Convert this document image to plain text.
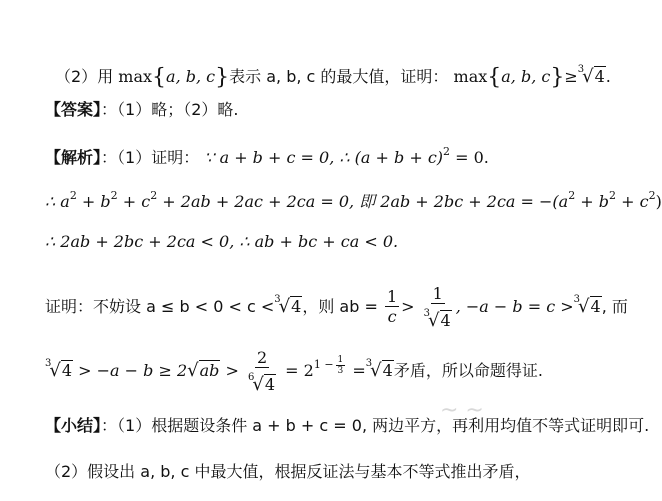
（2）用 max{a, b, c}表示 a, b, c 的最大值，证明： max{a, b, c}≥$^3$√4.
【答案】：（1）略；（2）略.
【解析】：（1）证明： ∵ a + b + c = 0, ∴ $(a + b + c)^2 = 0$.
∴ $a^2 + b^2 + c^2 + 2ab + 2ac + 2ca = 0$, 即 $2ab + 2bc + 2ca = -(a^2 + b^2 + c^2)$
∴ 2ab + 2bc + 2ca < 0, ∴ ab + bc + ca < 0.
证明：不妨设 a ≤ b < 0 < c <$^3$√4，则 ab = $\frac{1}{c} > \frac{1}{^3√4}$ , −a − b = c >$^3$√4, 而
$^3√4 > -a - b \ge 2√ab > \frac{2}{^6√4} = 2^{1 - \frac{1}{3}} =^3√4$矛盾，所以命题得证.
【小结】：（1）根据题设条件 a + b + c = 0, 两边平方，再利用均值不等式证明即可.
（2）假设出 a, b, c 中最大值，根据反证法与基本不等式推出矛盾，
~ ~
